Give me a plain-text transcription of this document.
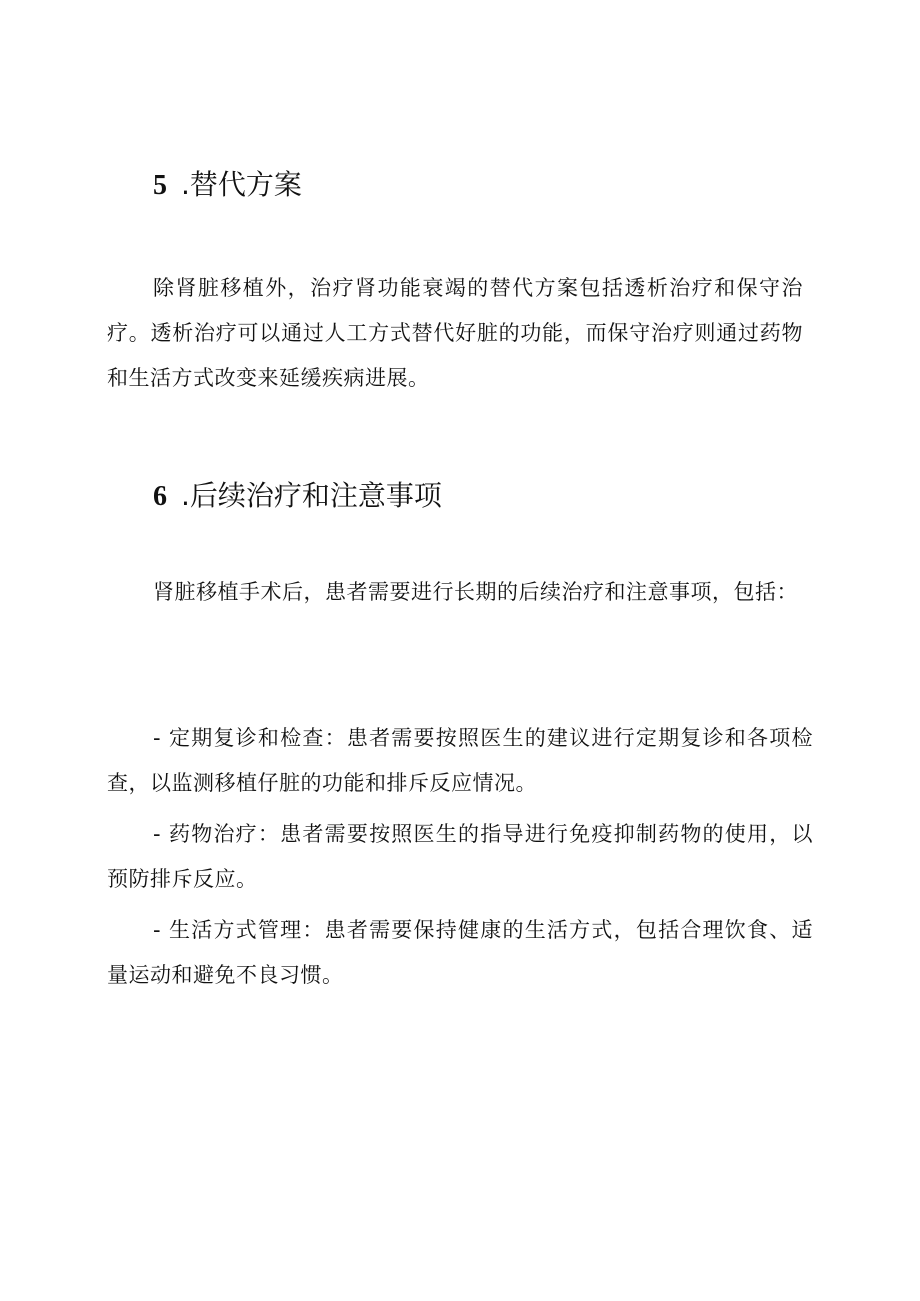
5 .替代方案

除肾脏移植外，治疗肾功能衰竭的替代方案包括透析治疗和保守治疗。透析治疗可以通过人工方式替代好脏的功能，而保守治疗则通过药物和生活方式改变来延缓疾病进展。

6 .后续治疗和注意事项

肾脏移植手术后，患者需要进行长期的后续治疗和注意事项，包括：

- 定期复诊和检查：患者需要按照医生的建议进行定期复诊和各项检查，以监测移植仔脏的功能和排斥反应情况。

- 药物治疗：患者需要按照医生的指导进行免疫抑制药物的使用，以预防排斥反应。

- 生活方式管理：患者需要保持健康的生活方式，包括合理饮食、适量运动和避免不良习惯。
